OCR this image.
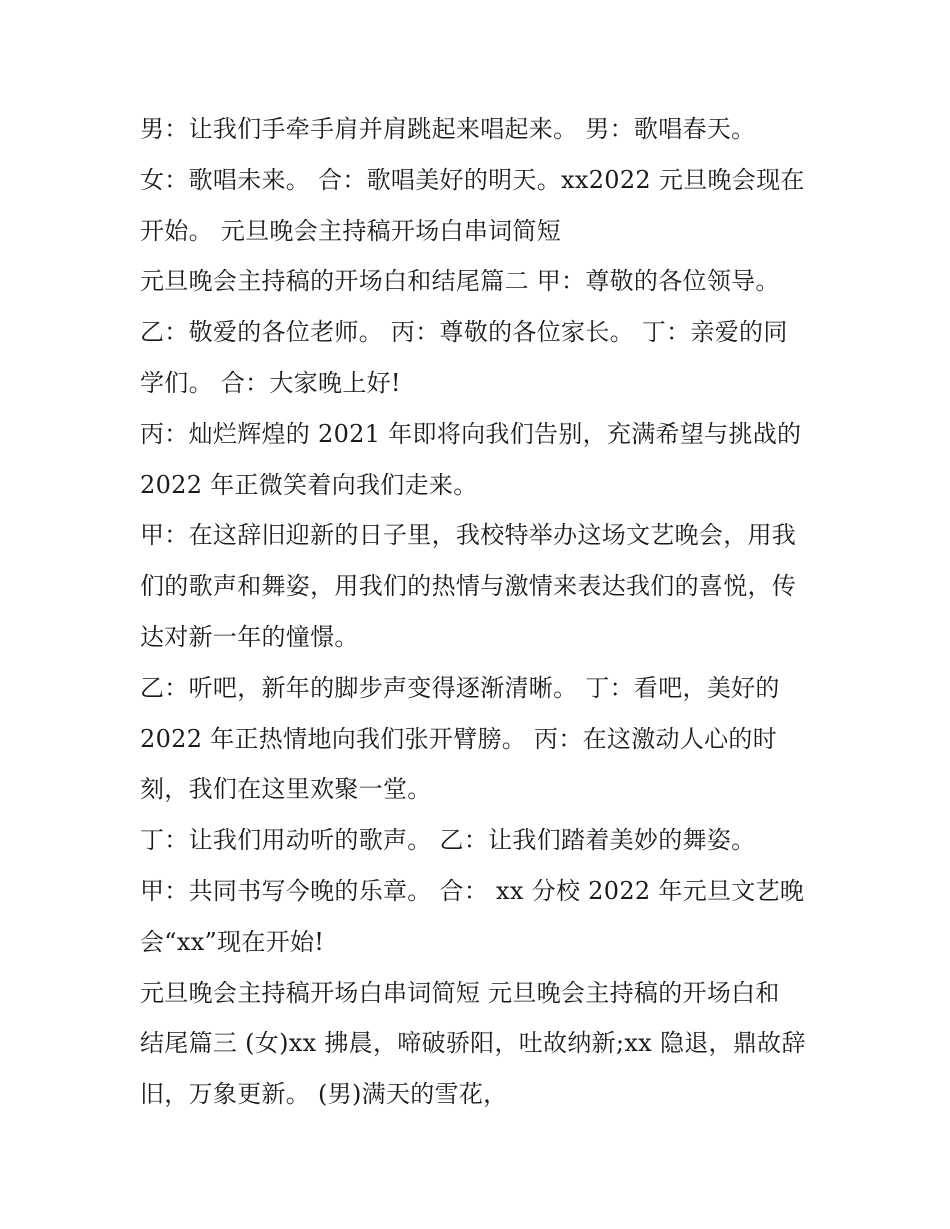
男：让我们手牵手肩并肩跳起来唱起来。 男：歌唱春天。
女：歌唱未来。 合：歌唱美好的明天。xx2022 元旦晚会现在
开始。 元旦晚会主持稿开场白串词简短
元旦晚会主持稿的开场白和结尾篇二 甲：尊敬的各位领导。
乙：敬爱的各位老师。 丙：尊敬的各位家长。 丁：亲爱的同
学们。 合：大家晚上好!
丙：灿烂辉煌的 2021 年即将向我们告别，充满希望与挑战的
2022 年正微笑着向我们走来。
甲：在这辞旧迎新的日子里，我校特举办这场文艺晚会，用我
们的歌声和舞姿，用我们的热情与激情来表达我们的喜悦，传
达对新一年的憧憬。
乙：听吧，新年的脚步声变得逐渐清晰。 丁：看吧，美好的
2022 年正热情地向我们张开臂膀。 丙：在这激动人心的时
刻，我们在这里欢聚一堂。
丁：让我们用动听的歌声。 乙：让我们踏着美妙的舞姿。
甲：共同书写今晚的乐章。 合： xx 分校 2022 年元旦文艺晚
会“xx”现在开始!
元旦晚会主持稿开场白串词简短 元旦晚会主持稿的开场白和
结尾篇三 (女)xx 拂晨，啼破骄阳，吐故纳新;xx 隐退，鼎故辞
旧，万象更新。 (男)满天的雪花，
